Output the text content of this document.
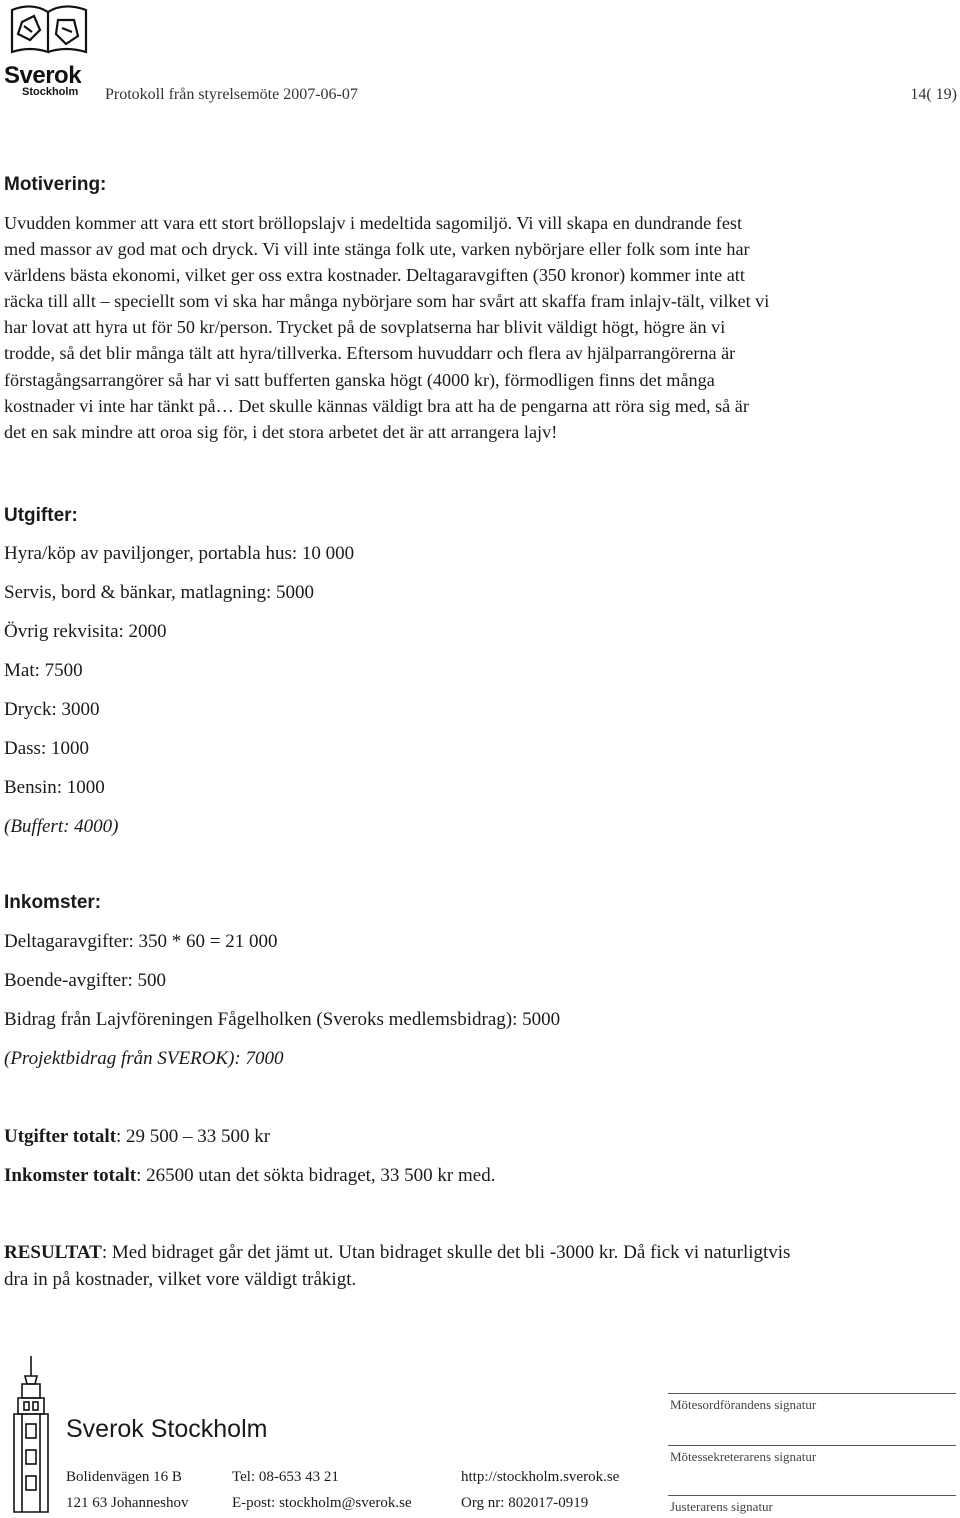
Sverok
Stockholm Protokoll från styrelsemöte 2007-06-07	14( 19)
Motivering:
Uvudden kommer att vara ett stort bröllopslajv i medeltida sagomiljö. Vi vill skapa en dundrande fest
med massor av god mat och dryck. Vi vill inte stänga folk ute, varken nybörjare eller folk som inte har
världens bästa ekonomi, vilket ger oss extra kostnader. Deltagaravgiften (350 kronor) kommer inte att
räcka till allt – speciellt som vi ska har många nybörjare som har svårt att skaffa fram inlajv-tält, vilket vi
har lovat att hyra ut för 50 kr/person. Trycket på de sovplatserna har blivit väldigt högt, högre än vi
trodde, så det blir många tält att hyra/tillverka. Eftersom huvuddarr och flera av hjälparrangörerna är
förstagångsarrangörer så har vi satt bufferten ganska högt (4000 kr), förmodligen finns det många
kostnader vi inte har tänkt på… Det skulle kännas väldigt bra att ha de pengarna att röra sig med, så är
det en sak mindre att oroa sig för, i det stora arbetet det är att arrangera lajv!
Utgifter:
Hyra/köp av paviljonger, portabla hus: 10 000
Servis, bord & bänkar, matlagning: 5000
Övrig rekvisita: 2000
Mat: 7500
Dryck: 3000
Dass: 1000
Bensin: 1000
(Buffert: 4000)
Inkomster:
Deltagaravgifter: 350 * 60 = 21 000
Boende-avgifter: 500
Bidrag från Lajvföreningen Fågelholken (Sveroks medlemsbidrag): 5000
(Projektbidrag från SVEROK): 7000
Utgifter totalt: 29 500 – 33 500 kr
Inkomster totalt: 26500 utan det sökta bidraget, 33 500 kr med.
RESULTAT: Med bidraget går det jämt ut. Utan bidraget skulle det bli -3000 kr. Då fick vi naturligtvis
dra in på kostnader, vilket vore väldigt tråkigt.
Sverok Stockholm
Bolidenvägen 16 B
121 63 Johanneshov
Tel: 08-653 43 21
E-post: stockholm@sverok.se
http://stockholm.sverok.se
Org nr: 802017-0919
Mötesordförandens signatur
Mötessekreterarens signatur
Justerarens signatur
